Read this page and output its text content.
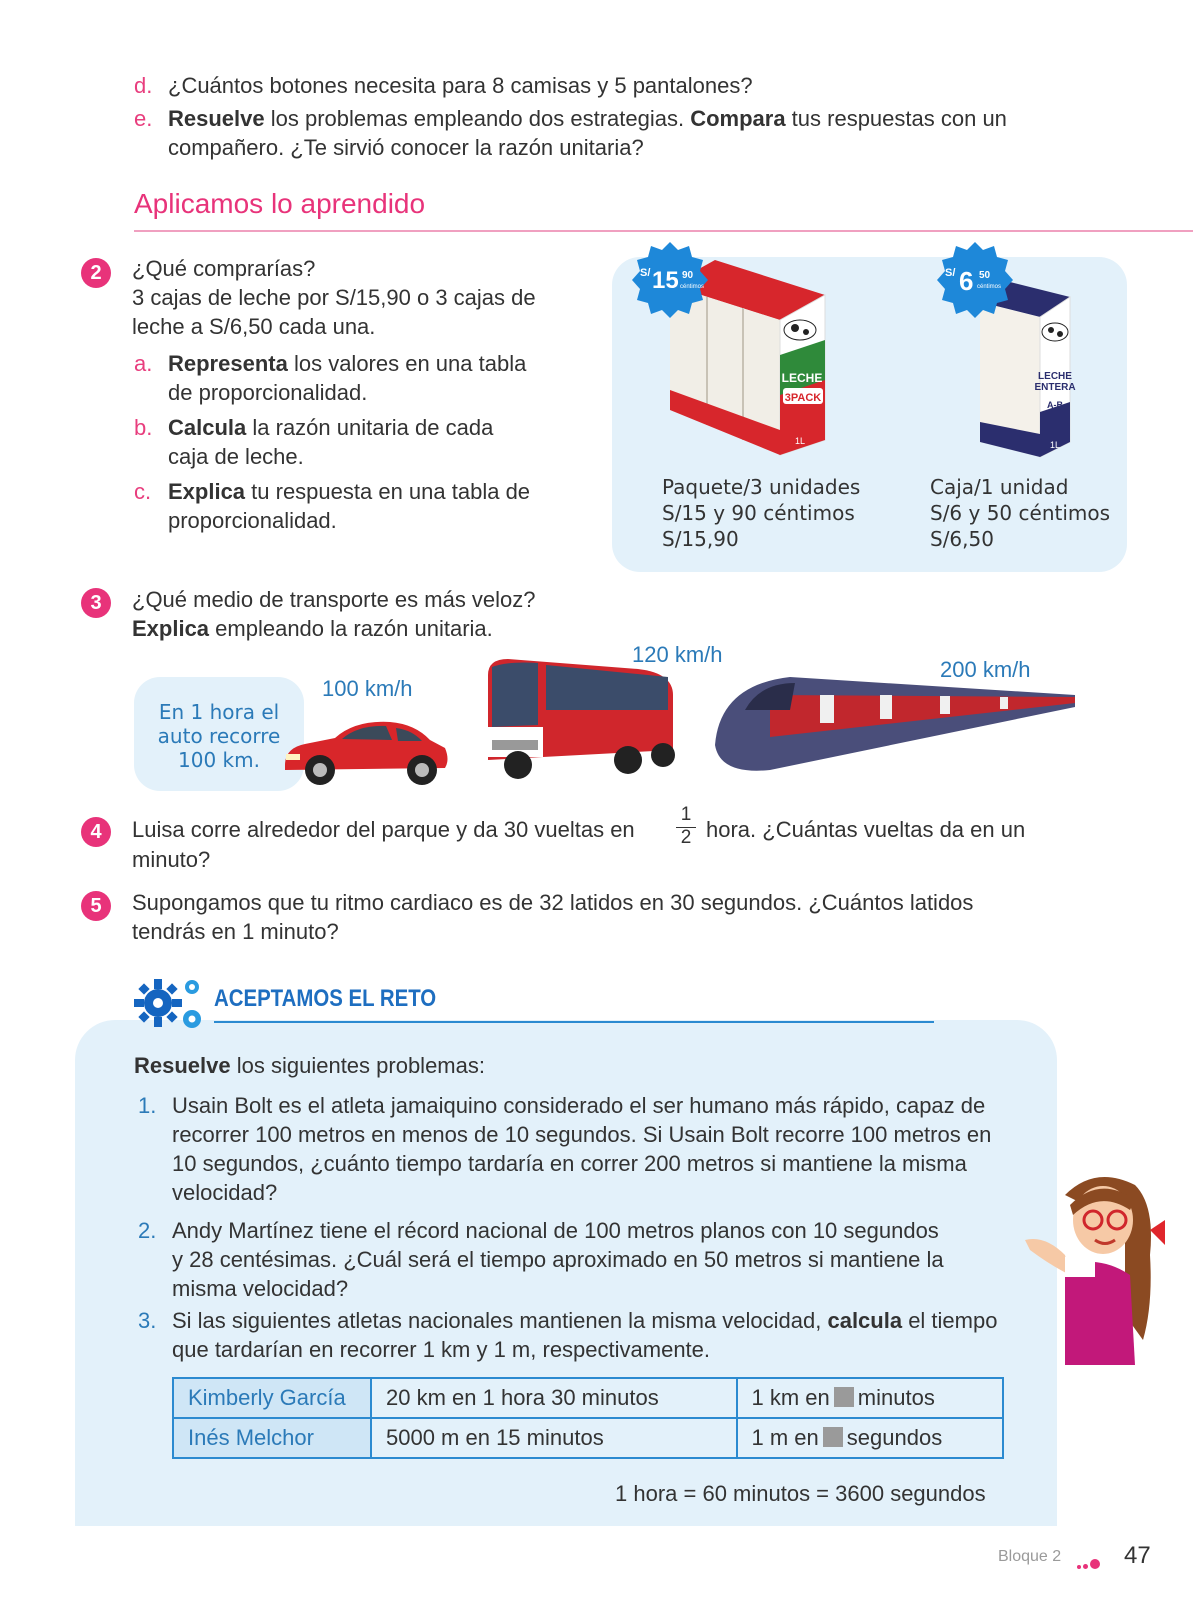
d. ¿Cuántos botones necesita para 8 camisas y 5 pantalones?
e. Resuelve los problemas empleando dos estrategias. Compara tus respuestas con un
compañero. ¿Te sirvió conocer la razón unitaria?
Aplicamos lo aprendido
2	¿Qué comprarías?
3 cajas de leche por S/15,90 o 3 cajas de
leche a S/6,50 cada una.
a. Representa los valores en una tabla
de proporcionalidad.
b. Calcula la razón unitaria de cada
caja de leche.
c. Explica tu respuesta en una tabla de
proporcionalidad.
LECHE
3PACK
1L
S/ 15 90
céntimos
LECHE
ENTERA
A-B
1L
S/ 6 50
céntimos
Paquete/3 unidades
S/15 y 90 céntimos
S/15,90
Caja/1 unidad
S/6 y 50 céntimos
S/6,50
3	¿Qué medio de transporte es más veloz?
Explica empleando la razón unitaria.
En 1 hora el
auto recorre
100 km.
100 km/h
120 km/h
200 km/h
4	Luisa corre alrededor del parque y da 30 vueltas en
1
2 hora. ¿Cuántas vueltas da en un
minuto?
5	Supongamos que tu ritmo cardiaco es de 32 latidos en 30 segundos. ¿Cuántos latidos
tendrás en 1 minuto?
ACEPTAMOS EL RETO
Resuelve los siguientes problemas:
1. Usain Bolt es el atleta jamaiquino considerado el ser humano más rápido, capaz de
recorrer 100 metros en menos de 10 segundos. Si Usain Bolt recorre 100 metros en
10 segundos, ¿cuánto tiempo tardaría en correr 200 metros si mantiene la misma
velocidad?
2. Andy Martínez tiene el récord nacional de 100 metros planos con 10 segundos
y 28 centésimas. ¿Cuál será el tiempo aproximado en 50 metros si mantiene la
misma velocidad?
3. Si las siguientes atletas nacionales mantienen la misma velocidad, calcula el tiempo
que tardarían en recorrer 1 km y 1 m, respectivamente.
Kimberly García	20 km en 1 hora 30 minutos	1 km en minutos
Inés Melchor	5000 m en 15 minutos	1 m en segundos
1 hora = 60 minutos = 3600 segundos
Bloque 2	47
